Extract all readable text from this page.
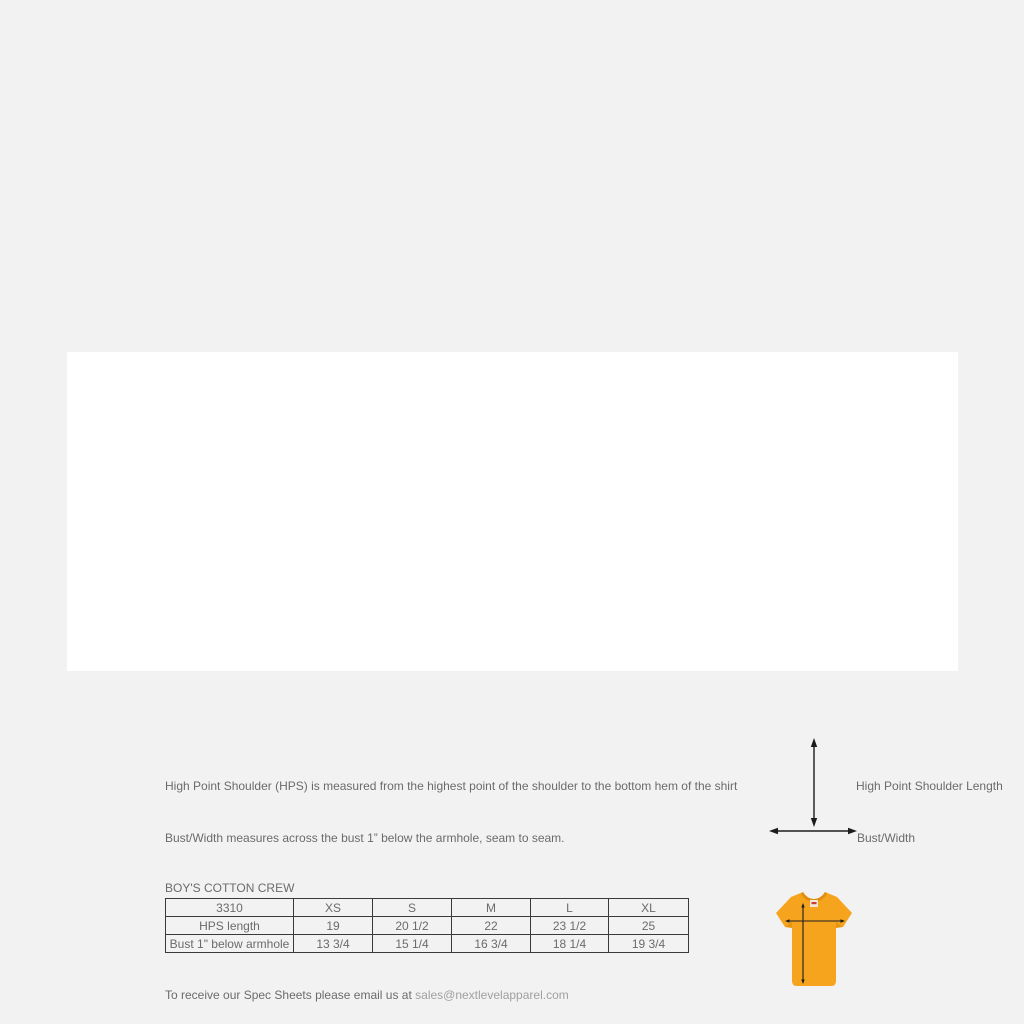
High Point Shoulder (HPS) is measured from the highest point of the shoulder to the bottom hem of the shirt

Bust/Width measures across the bust 1” below the armhole, seam to seam.

High Point Shoulder Length
Bust/Width
BOY'S COTTON CREW
3310	XS	S	M	L	XL
HPS length	19	20 1/2	22	23 1/2	25
Bust 1" below armhole	13 3/4	15 1/4	16 3/4	18 1/4	19 3/4

To receive our Spec Sheets please email us at sales@nextlevelapparel.com
